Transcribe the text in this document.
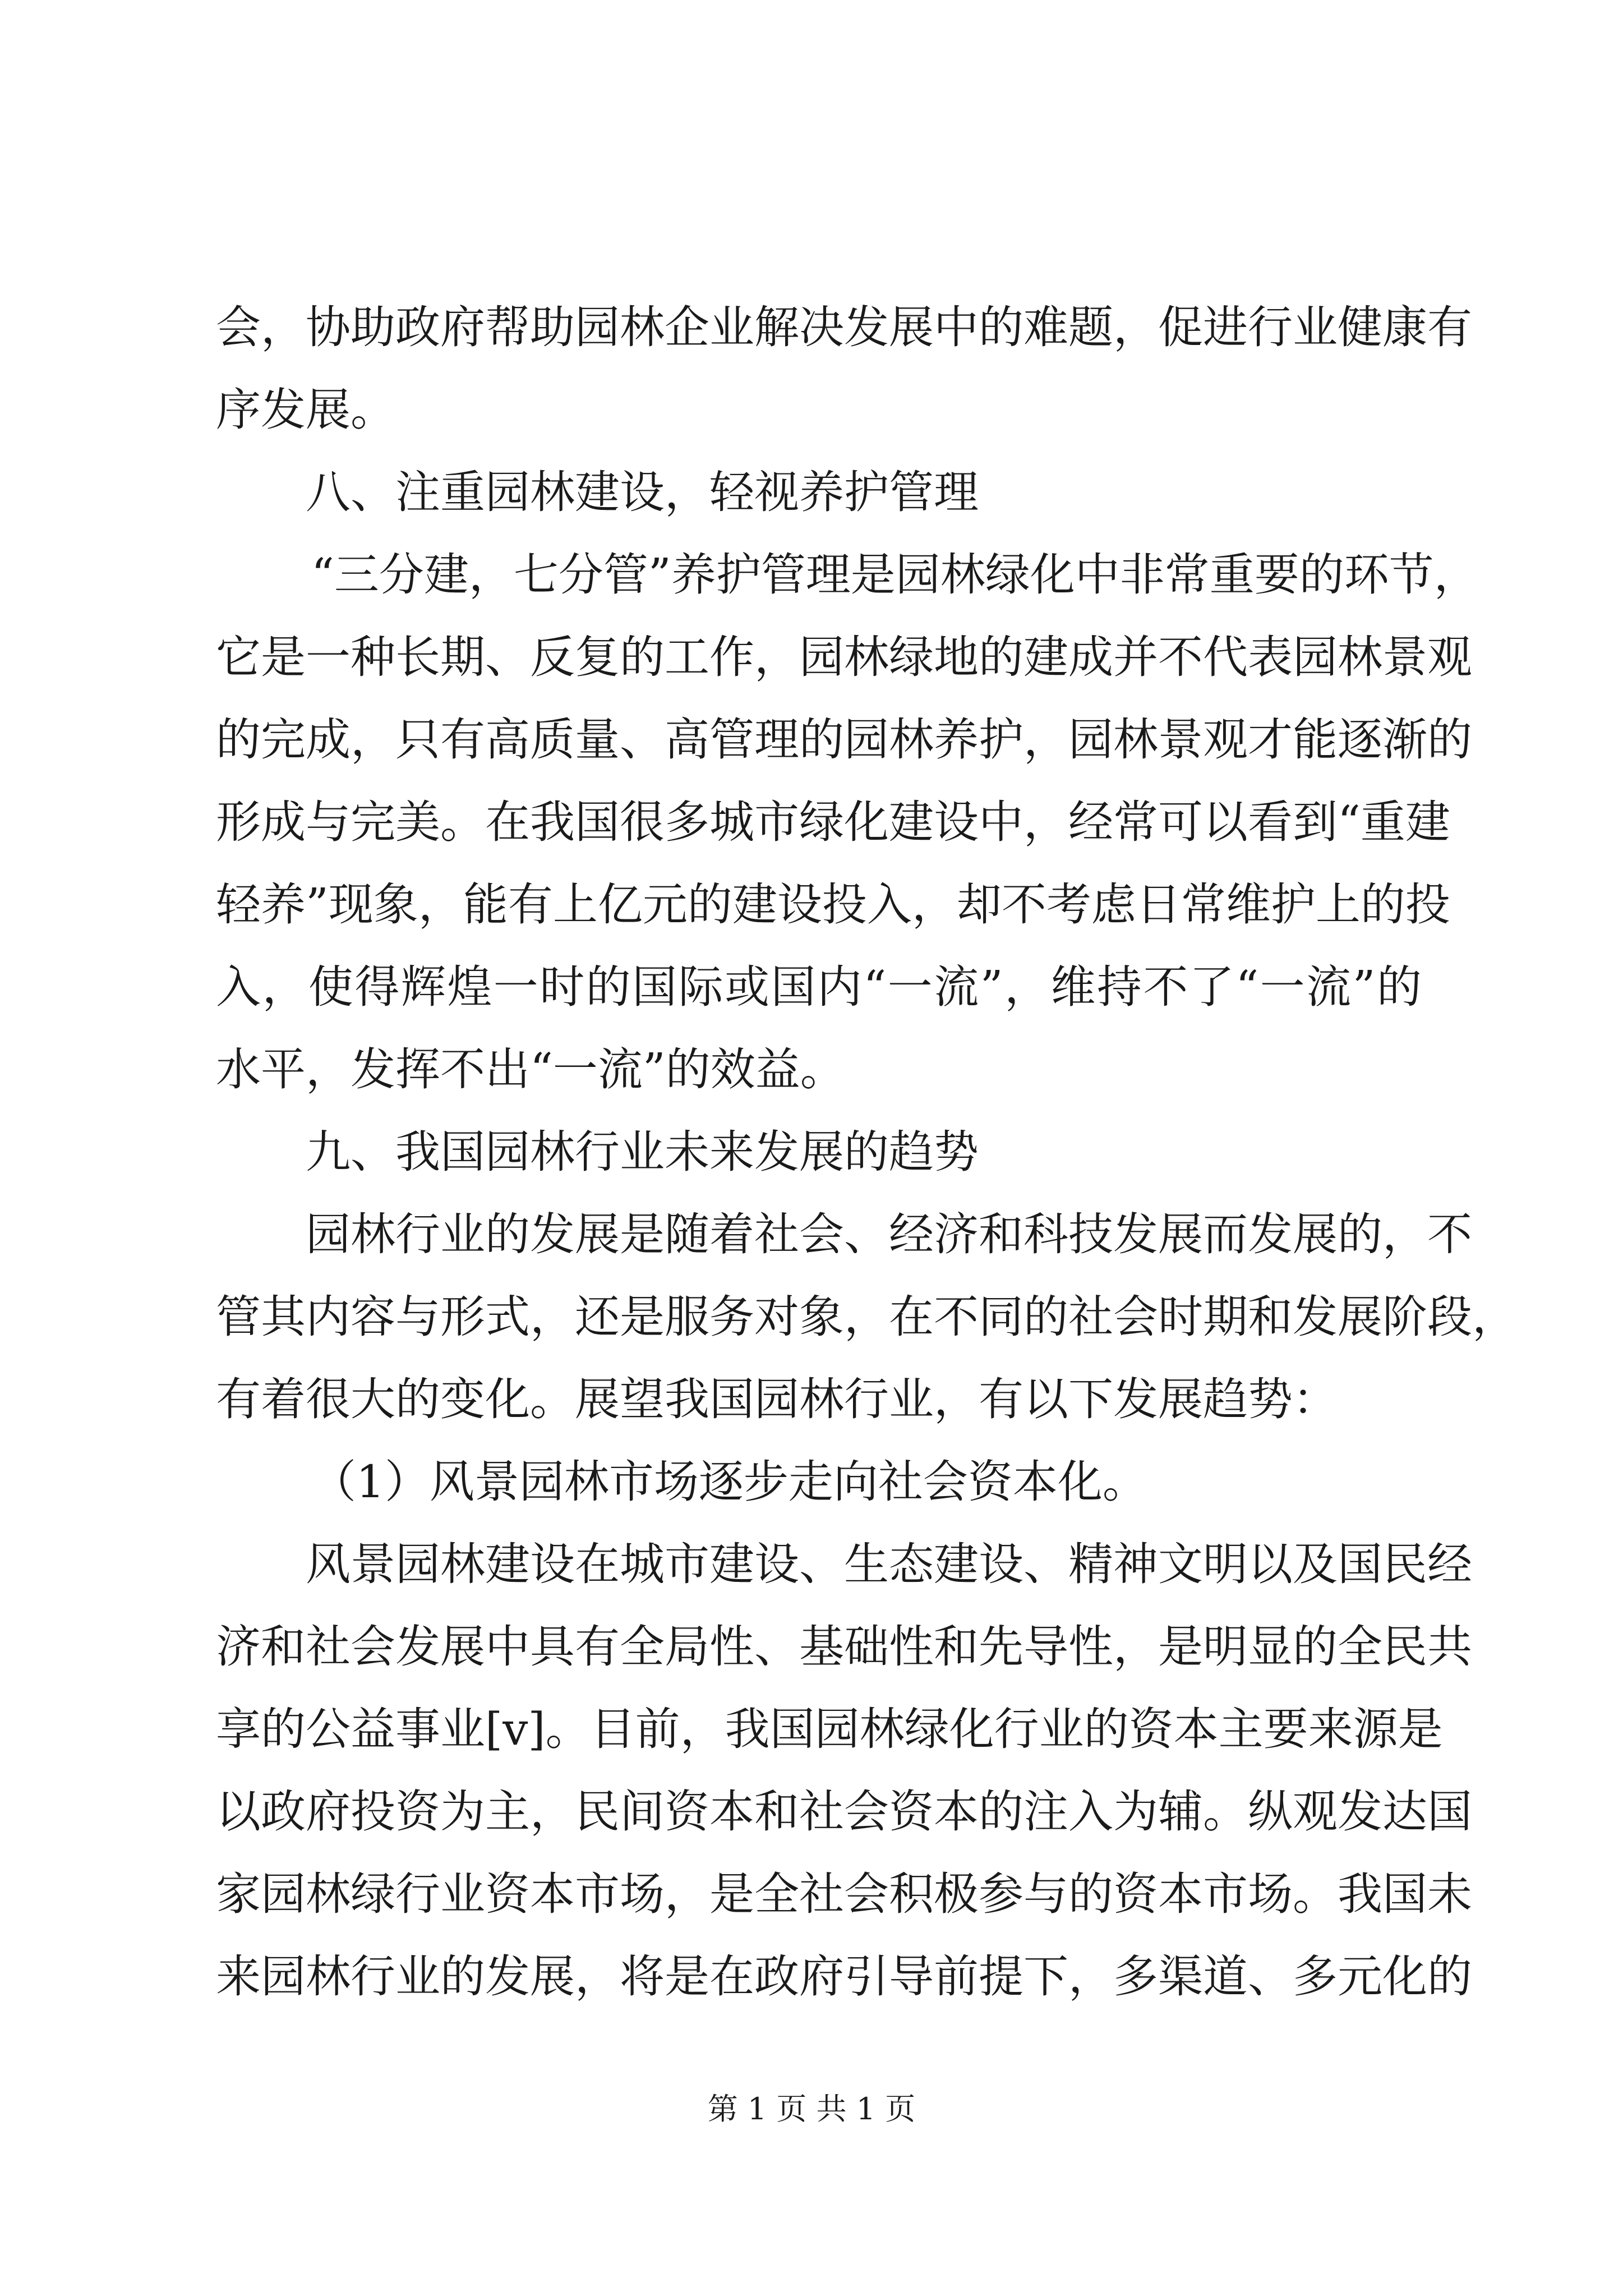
会，协助政府帮助园林企业解决发展中的难题，促进行业健康有
序发展。
八、注重园林建设，轻视养护管理
“三分建，七分管”养护管理是园林绿化中非常重要的环节，
它是一种长期、反复的工作，园林绿地的建成并不代表园林景观
的完成，只有高质量、高管理的园林养护，园林景观才能逐渐的
形成与完美。在我国很多城市绿化建设中，经常可以看到“重建
轻养”现象，能有上亿元的建设投入，却不考虑日常维护上的投
入，使得辉煌一时的国际或国内“一流”，维持不了“一流”的
水平，发挥不出“一流”的效益。
九、我国园林行业未来发展的趋势
园林行业的发展是随着社会、经济和科技发展而发展的，不
管其内容与形式，还是服务对象，在不同的社会时期和发展阶段，
有着很大的变化。展望我国园林行业，有以下发展趋势：
（1）风景园林市场逐步走向社会资本化。
风景园林建设在城市建设、生态建设、精神文明以及国民经
济和社会发展中具有全局性、基础性和先导性，是明显的全民共
享的公益事业[v]。目前，我国园林绿化行业的资本主要来源是
以政府投资为主，民间资本和社会资本的注入为辅。纵观发达国
家园林绿行业资本市场，是全社会积极参与的资本市场。我国未
来园林行业的发展，将是在政府引导前提下，多渠道、多元化的
第 1 页 共 1 页
